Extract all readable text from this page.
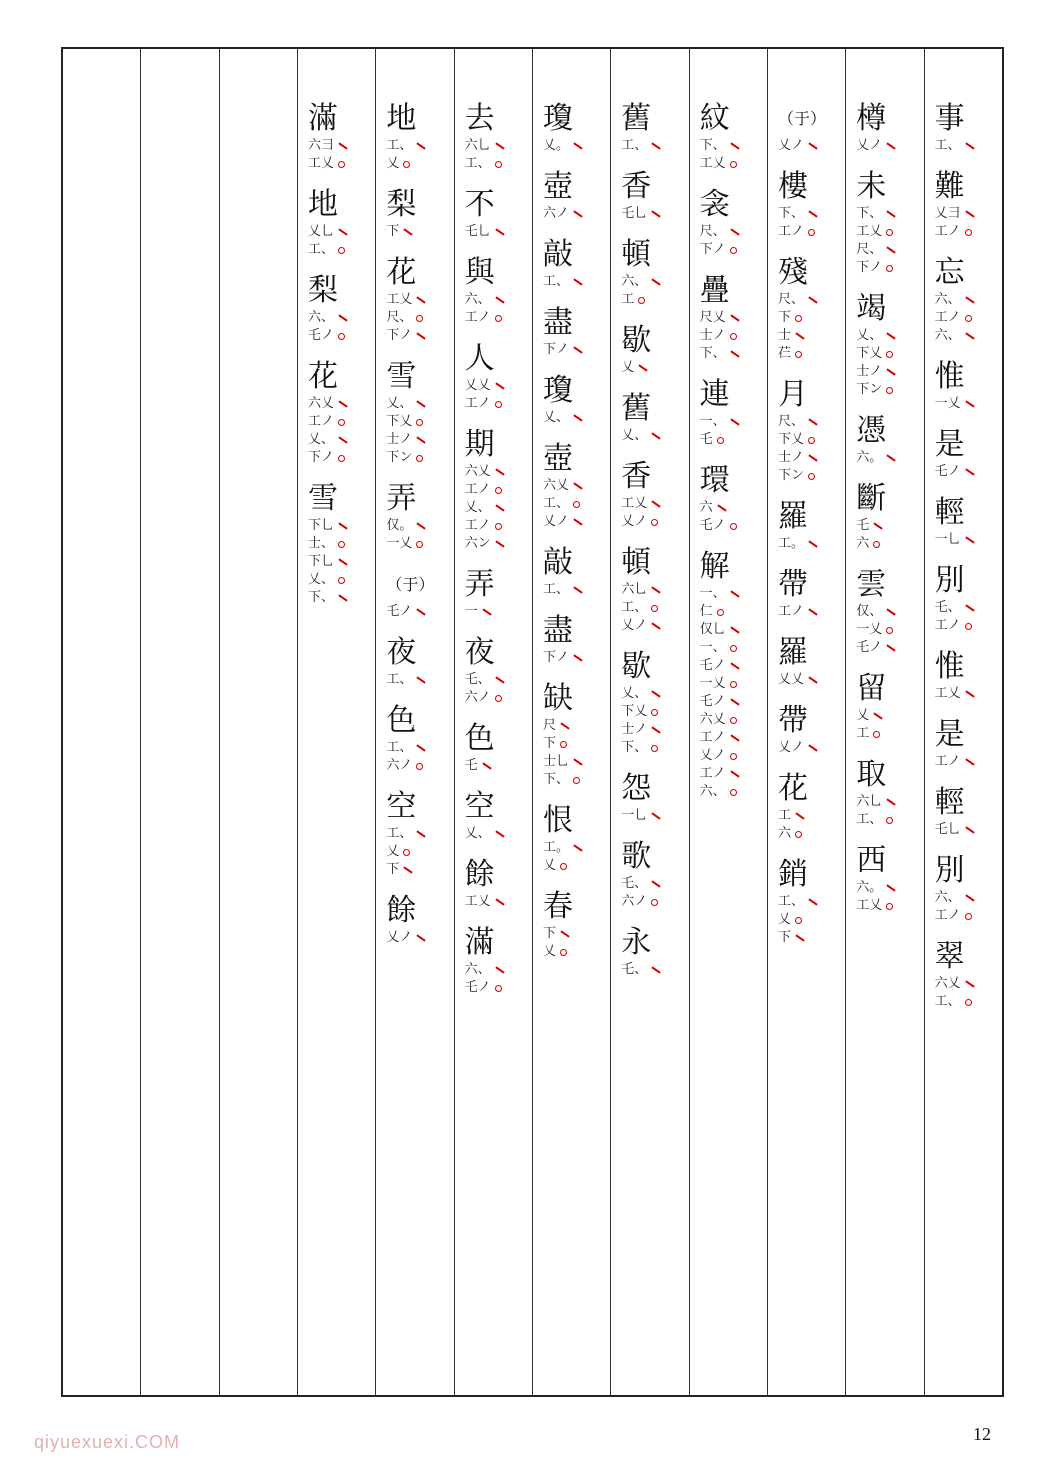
滿
六彐
工乂
地
乂乚
工、
梨
六、
乇ノ
花
六乂
工ノ
乂、
下ノ
雪
下乚
士、
下乚
乂、
下、
地
工、
乂
梨
下
花
工乂
尺、
下ノ
雪
乂、
下乂
士ノ
下ン
弄
仅。
一乂
（于）
乇ノ
夜
工、
色
工、
六ノ
空
工、
乂
下
餘
乂ノ
去
六乚
工、
不
乇乚
與
六、
工ノ
人
乂乂
工ノ
期
六乂
工ノ
乂、
工ノ
六ン
弄
一
夜
乇、
六ノ
色
乇
空
乂、
餘
工乂
滿
六、
乇ノ
瓊
乂。
壺
六ノ
敲
工、
盡
下ノ
瓊
乂、
壺
六乂
工、
乂ノ
敲
工、
盡
下ノ
缺
尺
下
士乚
下、
恨
工。
乂
春
下
乂
舊
工、
香
乇乚
頓
六、
工
歇
乂
舊
乂、
香
工乂
乂ノ
頓
六乚
工、
乂ノ
歇
乂、
下乂
士ノ
下、
怨
一乚
歌
乇、
六ノ
永
乇、
紋
下、
工乂
衾
尺、
下ノ
疊
尺乂
士ノ
下、
連
一、
乇
環
六
乇ノ
解
一、
仁
仅乚
一、
乇ノ
一乂
乇ノ
六乂
工ノ
乂ノ
工ノ
六、
（于）
乂ノ
樓
下、
工ノ
殘
尺、
下
士
芢
月
尺、
下乂
士ノ
下ン
羅
工。
帶
工ノ
羅
乂乂
帶
乂ノ
花
工
六
銷
工、
乂
下
樽
乂ノ
未
下、
工乂
尺、
下ノ
竭
乂、
下乂
士ノ
下ン
憑
六。
斷
乇
六
雲
仅、
一乂
乇ノ
留
乂
工
取
六乚
工、
西
六。
工乂
事
工、
難
乂彐
工ノ
忘
六、
工ノ
六、
惟
一乂
是
乇ノ
輕
一乚
別
乇、
工ノ
惟
工乂
是
工ノ
輕
乇乚
別
六、
工ノ
翠
六乂
工、
qiyuexuexi.COM	12
